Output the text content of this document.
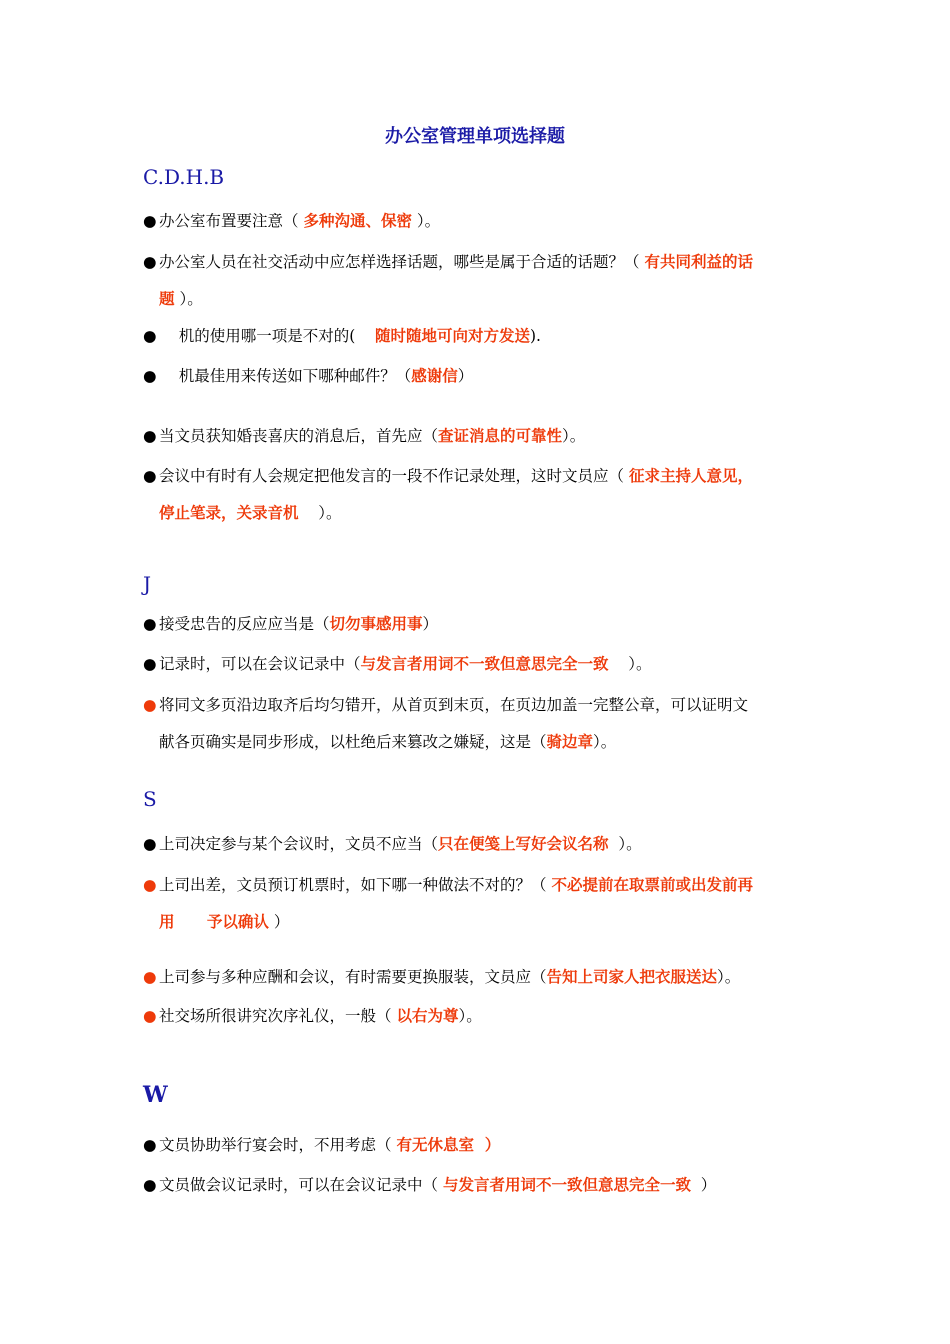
办公室管理单项选择题
C.D.H.B
● 办公室布置要注意（ 多种沟通、保密 ）。
● 办公室人员在社交活动中应怎样选择话题，哪些是属于合适的话题？（ 有共同利益的话
题 ）。
●    机的使用哪一项是不对的(    随时随地可向对方发送).
●    机最佳用来传送如下哪种邮件？（感谢信）
● 当文员获知婚丧喜庆的消息后，首先应（查证消息的可靠性）。
● 会议中有时有人会规定把他发言的一段不作记录处理，这时文员应（ 征求主持人意见，
停止笔录，关录音机    ）。
J
● 接受忠告的反应应当是（切勿事感用事）
● 记录时，可以在会议记录中（与发言者用词不一致但意思完全一致    ）。
● 将同文多页沿边取齐后均匀错开，从首页到末页，在页边加盖一完整公章，可以证明文
献各页确实是同步形成，以杜绝后来篡改之嫌疑，这是（骑边章）。
S
● 上司决定参与某个会议时，文员不应当（只在便笺上写好会议名称  ）。
● 上司出差，文员预订机票时，如下哪一种做法不对的？（ 不必提前在取票前或出发前再
用      予以确认 ）
● 上司参与多种应酬和会议，有时需要更换服装，文员应（告知上司家人把衣服送达）。
● 社交场所很讲究次序礼仪，一般（ 以右为尊）。
W
● 文员协助举行宴会时，不用考虑（ 有无休息室  ）
● 文员做会议记录时，可以在会议记录中（ 与发言者用词不一致但意思完全一致  ）
